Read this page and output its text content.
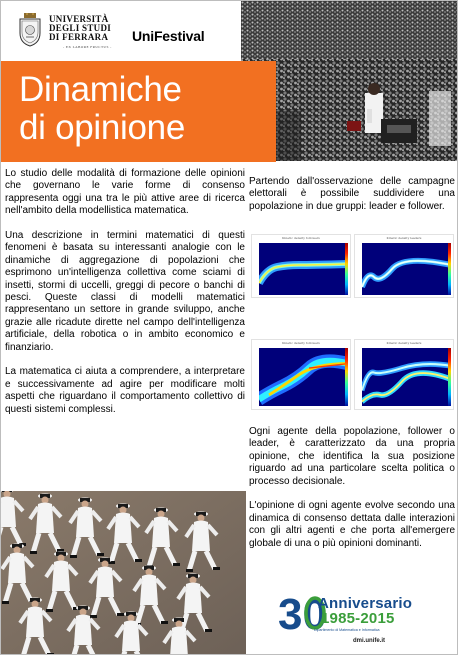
UNIVERSITÀ
DEGLI STUDI
DI FERRARA
- EX LABORE FRUCTUS -
UniFestival
Dinamiche
di opinione

Lo studio delle modalità di formazione delle opinioni che governano le varie forme di consenso rappresenta oggi una tra le più attive aree di ricerca nell'ambito della modellistica matematica.

Una descrizione in termini matematici di questi fenomeni è basata su interessanti analogie con le dinamiche di aggregazione di popolazioni che esprimono un'intelligenza collettiva come sciami di insetti, stormi di uccelli, greggi di pecore o banchi di pesci. Queste classi di modelli matematici rappresentano un settore in grande sviluppo, anche grazie alle ricadute dirette nel campo dell'intelligenza artificiale, della robotica o in ambito economico e finanziario.

La matematica ci aiuta a comprendere, a interpretare e successivamente ad agire per modificare molti aspetti che riguardano il comportamento collettivo di questi sistemi complessi.

Partendo dall'osservazione delle campagne elettorali è possibile suddividere una popolazione in due gruppi: leader e follower.

Kinetic density followers	Kinetic density leaders
Kinetic density followers	Kinetic density leaders

Ogni agente della popolazione, follower o leader, è caratterizzato da una propria opinione, che identifica la sua posizione riguardo ad una particolare scelta politica o processo decisionale.

L'opinione di ogni agente evolve secondo una dinamica di consenso dettata dalle interazioni con gli altri agenti e che porta all'emergere globale di una o più opinioni dominanti.

30
Anniversario
1985-2015
Dipartimento di Matematica e Informatica
dmi.unife.it
